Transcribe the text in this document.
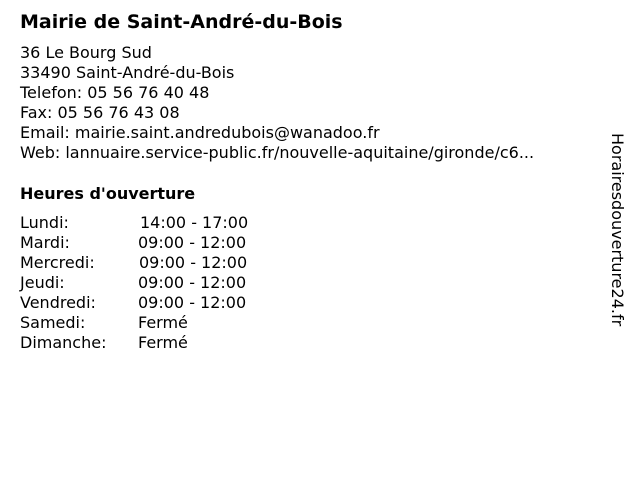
Mairie de Saint-André-du-Bois
36 Le Bourg Sud
33490 Saint-André-du-Bois
Telefon: 05 56 76 40 48
Fax: 05 56 76 43 08
Email: mairie.saint.andredubois@wanadoo.fr
Web: lannuaire.service-public.fr/nouvelle-aquitaine/gironde/c6...
Heures d'ouverture
Lundi:	14:00 - 17:00
Mardi:	09:00 - 12:00
Mercredi:	09:00 - 12:00
Jeudi:	09:00 - 12:00
Vendredi:	09:00 - 12:00
Samedi:	Fermé
Dimanche: Fermé
Horairesdouverture24.fr
